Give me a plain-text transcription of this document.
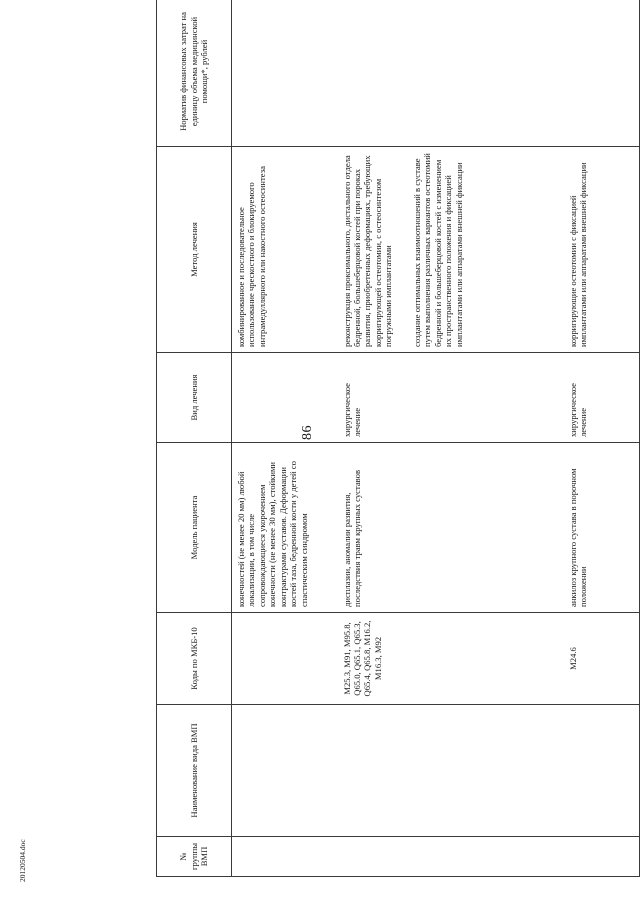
86
20120504.doc	№ группы ВМП	Наименование вида ВМП	Коды по МКБ-10	Модель пациента	Вид лечения	Метод лечения	Норматив финансовых затрат на единицу объема медицинской помощи*, рублей
			конечностей (не менее 20 мм) любой локализации, в том числе сопровождающиеся укорочением конечности (не менее 30 мм), стойкими контрактурами суставов. Деформации костей таза, бедренной кости у детей со спастическим синдромом		комбинированное и последовательное использование чрескостного и блокируемого интрамедуллярного или накостного остеосинтеза	
		M25.3, M91, M95.8, Q65.0, Q65.1, Q65.3, Q65.4, Q65.8, M16.2, M16.3, M92	дисплазии, аномалии развития, последствия травм крупных суставов	хирургическое лечение	реконструкция проксимального, дистального отдела бедренной, большеберцовой костей при пороках развития, приобретенных деформациях, требующих корригирующей остеотомии, с остеосинтезом погружными имплантатами создание оптимальных взаимоотношений в суставе путем выполнения различных вариантов остеотомий бедренной и большеберцовой костей с изменением их пространственного положения и фиксацией имплантатами или аппаратами внешней фиксации	

		M24.6	анкилоз крупного сустава в порочном положении	хирургическое лечение	корригирующие остеотомии с фиксацией имплантатами или аппаратами внешней фиксации	
